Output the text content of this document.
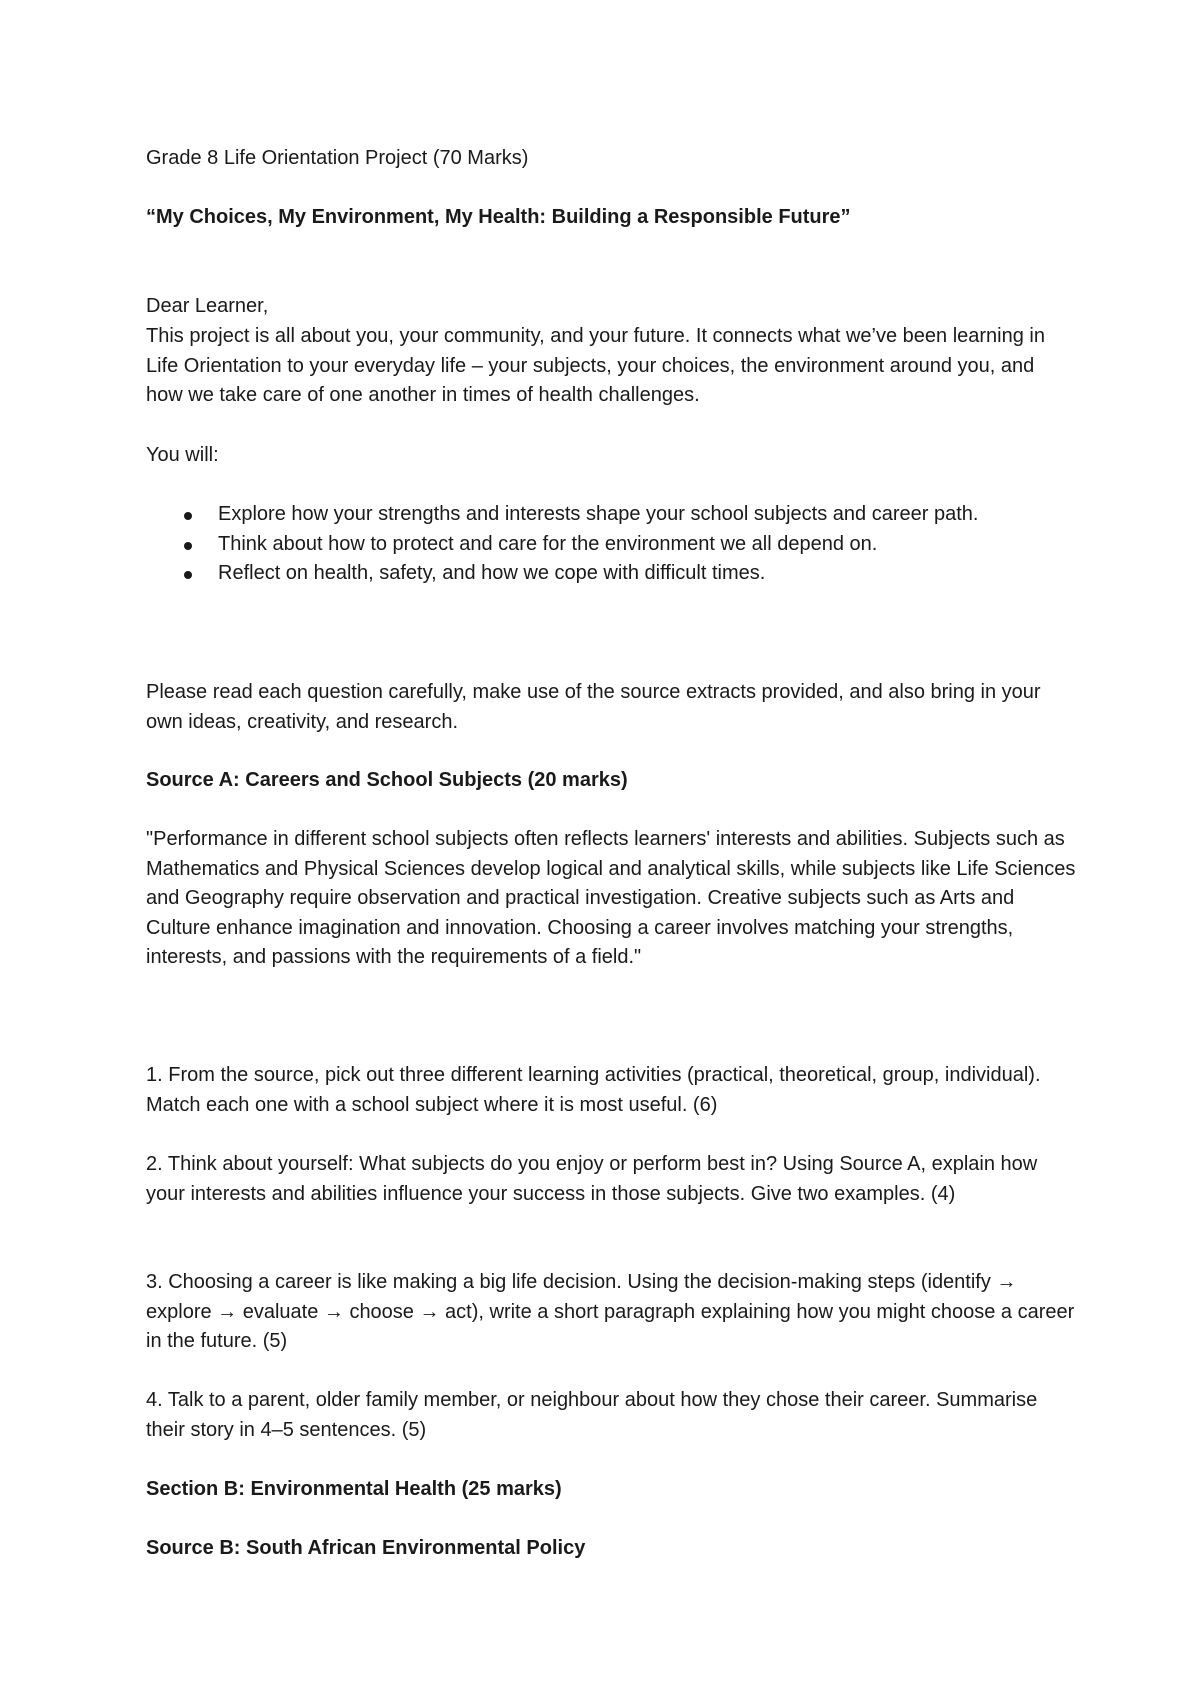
Grade 8 Life Orientation Project (70 Marks)

“My Choices, My Environment, My Health: Building a Responsible Future”

Dear Learner,

This project is all about you, your community, and your future. It connects what we’ve been learning in Life Orientation to your everyday life – your subjects, your choices, the environment around you, and how we take care of one another in times of health challenges.

You will:

Explore how your strengths and interests shape your school subjects and career path.
Think about how to protect and care for the environment we all depend on.
Reflect on health, safety, and how we cope with difficult times.

Please read each question carefully, make use of the source extracts provided, and also bring in your own ideas, creativity, and research.

Source A: Careers and School Subjects (20 marks)

"Performance in different school subjects often reflects learners' interests and abilities. Subjects such as Mathematics and Physical Sciences develop logical and analytical skills, while subjects like Life Sciences and Geography require observation and practical investigation. Creative subjects such as Arts and Culture enhance imagination and innovation. Choosing a career involves matching your strengths, interests, and passions with the requirements of a field."

1. From the source, pick out three different learning activities (practical, theoretical, group, individual). Match each one with a school subject where it is most useful. (6)

2. Think about yourself: What subjects do you enjoy or perform best in? Using Source A, explain how your interests and abilities influence your success in those subjects. Give two examples. (4)

3. Choosing a career is like making a big life decision. Using the decision-making steps (identify → explore → evaluate → choose → act), write a short paragraph explaining how you might choose a career in the future. (5)

4. Talk to a parent, older family member, or neighbour about how they chose their career. Summarise their story in 4–5 sentences. (5)

Section B: Environmental Health (25 marks)

Source B: South African Environmental Policy
